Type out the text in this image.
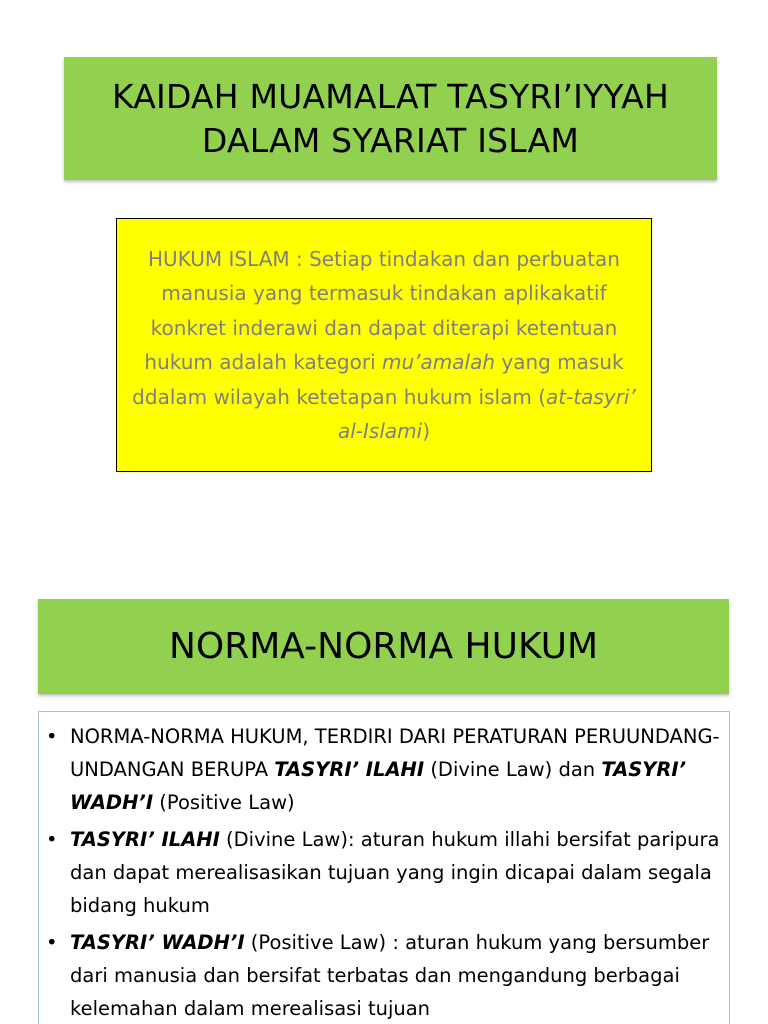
KAIDAH MUAMALAT TASYRI’IYYAH
DALAM SYARIAT ISLAM
HUKUM ISLAM : Setiap tindakan dan perbuatan manusia yang termasuk tindakan aplikakatif konkret inderawi dan dapat diterapi ketentuan hukum adalah kategori mu’amalah yang masuk ddalam wilayah ketetapan hukum islam (at-tasyri’ al-Islami)
NORMA-NORMA HUKUM
• NORMA-NORMA HUKUM, TERDIRI DARI PERATURAN PERUUNDANG-UNDANGAN BERUPA TASYRI’ ILAHI (Divine Law) dan TASYRI’ WADH’I (Positive Law)
• TASYRI’ ILAHI (Divine Law): aturan hukum illahi bersifat paripura dan dapat merealisasikan tujuan yang ingin dicapai dalam segala bidang hukum
• TASYRI’ WADH’I (Positive Law) : aturan hukum yang bersumber dari manusia dan bersifat terbatas dan mengandung berbagai kelemahan dalam merealisasi tujuan
